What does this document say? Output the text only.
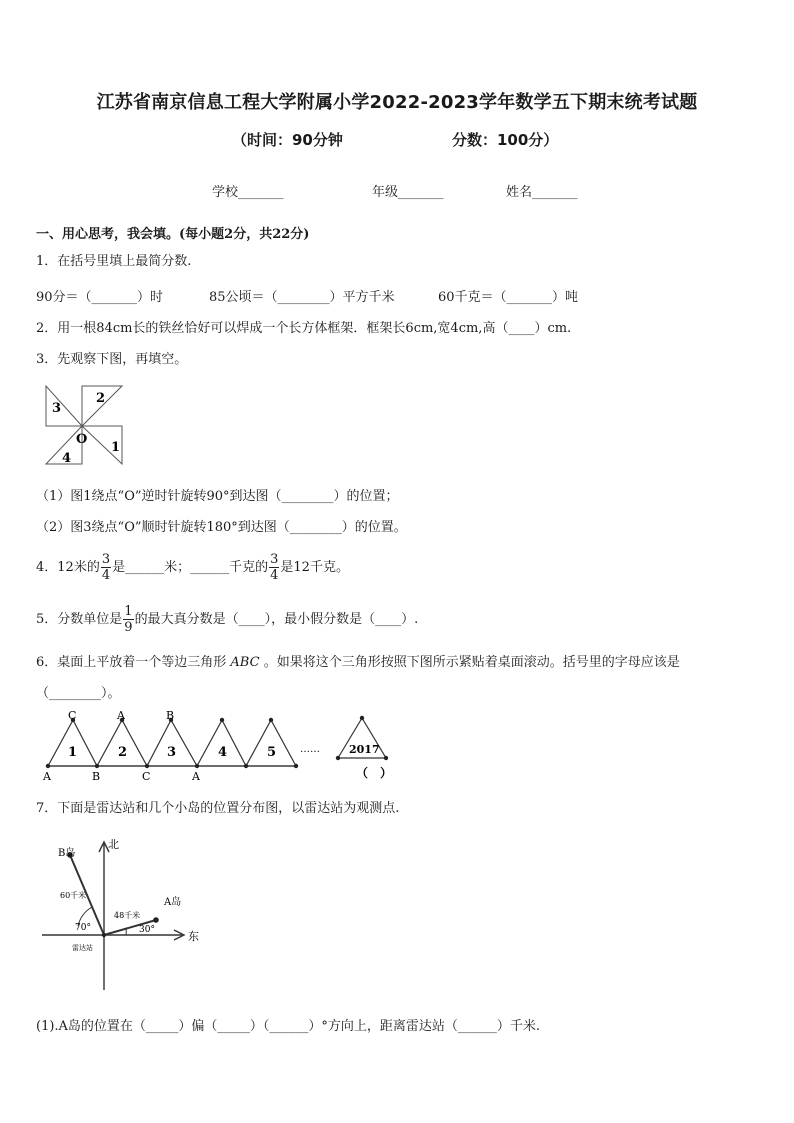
江苏省南京信息工程大学附属小学2022-2023学年数学五下期末统考试题
（时间：90分钟	分数：100分）
学校_______	年级_______	姓名_______
一、用心思考，我会填。(每小题2分，共22分)
1．在括号里填上最简分数.
90分＝（_______）时	85公顷＝（________）平方千米	60千克＝（_______）吨
2．用一根84cm长的铁丝恰好可以焊成一个长方体框架．框架长6cm,宽4cm,高（____）cm.
3．先观察下图，再填空。
3
2
1
4
O
（1）图1绕点“O”逆时针旋转90°到达图（________）的位置；
（2）图3绕点“O”顺时针旋转180°到达图（________）的位置。
4．12米的 $\frac{3}{4}$ 是______米；______千克的 $\frac{3}{4}$ 是12千克。
5．分数单位是 $\frac{1}{9}$ 的最大真分数是（____），最小假分数是（____）.
6．桌面上平放着一个等边三角形 ABC 。如果将这个三角形按照下图所示紧贴着桌面滚动。括号里的字母应该是
（________）。
C	A	B
A	B	C	A
1	2	3	4	5 ……	2017
（　）
7．下面是雷达站和几个小岛的位置分布图，以雷达站为观测点.
北
东
B岛
A岛
60千米
48千米
70°	30°
雷达站
(1).A岛的位置在（_____）偏（_____）（______）°方向上，距离雷达站（______）千米.
